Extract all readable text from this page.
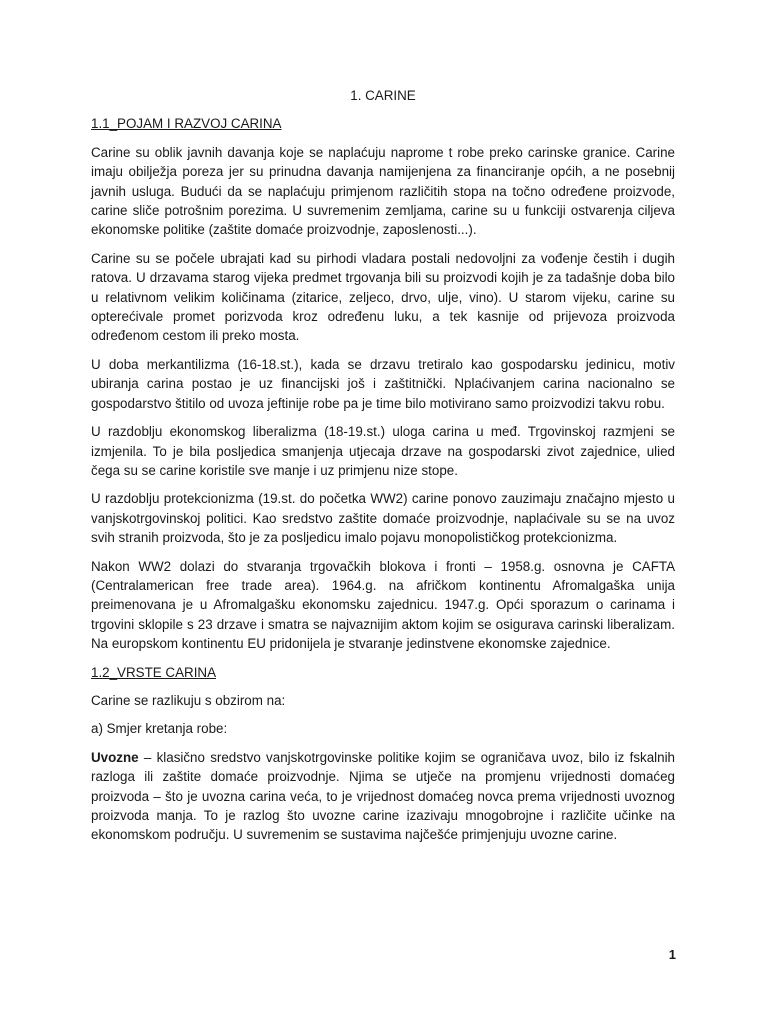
1. CARINE
1.1_POJAM I RAZVOJ CARINA

Carine su oblik javnih davanja koje se naplaćuju naprome t robe preko carinske granice. Carine imaju obilježja poreza jer su prinudna davanja namijenjena za financiranje općih, a ne posebnij javnih usluga. Budući da se naplaćuju primjenom različitih stopa na točno određene proizvode, carine sliče potrošnim porezima. U suvremenim zemljama, carine su u funkciji ostvarenja ciljeva ekonomske politike (zaštite domaće proizvodnje, zaposlenosti...).

Carine su se počele ubrajati kad su pirhodi vladara postali nedovoljni za vođenje čestih i dugih ratova. U drzavama starog vijeka predmet trgovanja bili su proizvodi kojih je za tadašnje doba bilo u relativnom velikim količinama (zitarice, zeljeco, drvo, ulje, vino). U starom vijeku, carine su opterećivale promet porizvoda kroz određenu luku, a tek kasnije od prijevoza proizvoda određenom cestom ili preko mosta.

U doba merkantilizma (16-18.st.), kada se drzavu tretiralo kao gospodarsku jedinicu, motiv ubiranja carina postao je uz financijski još i zaštitnički. Nplaćivanjem carina nacionalno se gospodarstvo štitilo od uvoza jeftinije robe pa je time bilo motivirano samo proizvodizi takvu robu.

U razdoblju ekonomskog liberalizma (18-19.st.) uloga carina u međ. Trgovinskoj razmjeni se izmjenila. To je bila posljedica smanjenja utjecaja drzave na gospodarski zivot zajednice, ulied čega su se carine koristile sve manje i uz primjenu nize stope.

U razdoblju protekcionizma (19.st. do početka WW2) carine ponovo zauzimaju značajno mjesto u vanjskotrgovinskoj politici. Kao sredstvo zaštite domaće proizvodnje, naplaćivale su se na uvoz svih stranih proizvoda, što je za posljedicu imalo pojavu monopolističkog protekcionizma.

Nakon WW2 dolazi do stvaranja trgovačkih blokova i fronti – 1958.g. osnovna je CAFTA (Centralamerican free trade area). 1964.g. na afričkom kontinentu Afromalgaška unija preimenovana je u Afromalgašku ekonomsku zajednicu. 1947.g. Opći sporazum o carinama i trgovini sklopile s 23 drzave i smatra se najvaznijim aktom kojim se osigurava carinski liberalizam. Na europskom kontinentu EU pridonijela je stvaranje jedinstvene ekonomske zajednice.

1.2_VRSTE CARINA

Carine se razlikuju s obzirom na:

a) Smjer kretanja robe:

Uvozne – klasično sredstvo vanjskotrgovinske politike kojim se ograničava uvoz, bilo iz fskalnih razloga ili zaštite domaće proizvodnje. Njima se utječe na promjenu vrijednosti domaćeg proizvoda – što je uvozna carina veća, to je vrijednost domaćeg novca prema vrijednosti uvoznog proizvoda manja. To je razlog što uvozne carine izazivaju mnogobrojne i različite učinke na ekonomskom području. U suvremenim se sustavima najčešće primjenjuju uvozne carine.

1
